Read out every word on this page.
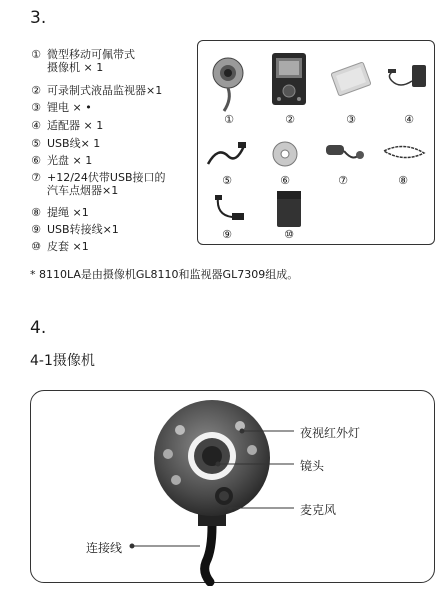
3.
① 微型移动可佩带式
摄像机 × 1
② 可录制式液晶监视器×1
③ 锂电 × •
④ 适配器 × 1
⑤ USB线× 1
⑥ 光盘 × 1
⑦ +12/24伏带USB接口的
汽车点烟器×1
⑧ 提绳 ×1
⑨ USB转接线×1
⑩ 皮套 ×1
①	②	③	④
⑤	⑥	⑦	⑧
⑨	⑩
* 8110LA是由摄像机GL8110和监视器GL7309组成。
4.
4-1摄像机
夜视红外灯
镜头
麦克风
连接线
